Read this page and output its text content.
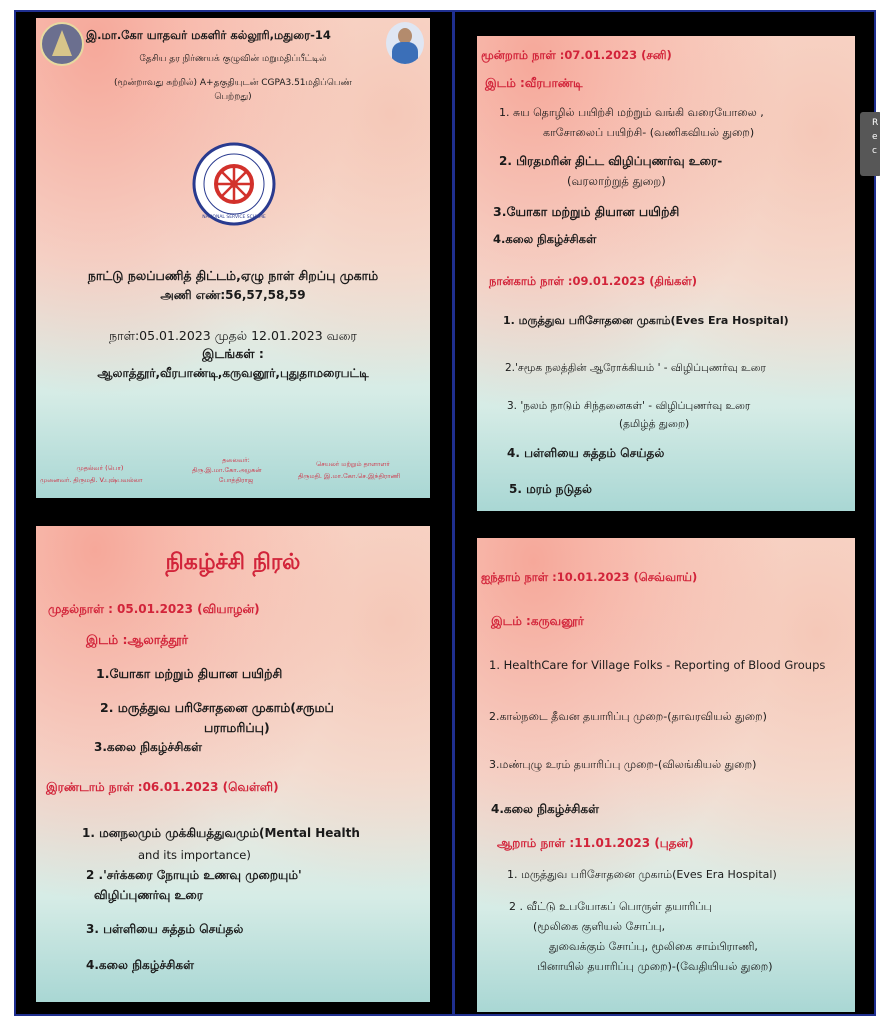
இ.மா.கோ யாதவர் மகளிர் கல்லூரி,மதுரை-14
தேசிய தர நிர்ணயக் குழுவின் மறுமதிப்பீட்டில்
(மூன்றாவது சுற்றில்) A+தகுதியுடன் CGPA3.51மதிப்பெண்
பெற்றது)
NATIONAL SERVICE SCHEME
நாட்டு நலப்பணித் திட்டம்,ஏழு நாள் சிறப்பு முகாம்
அணி எண்:56,57,58,59
நாள்:05.01.2023 முதல் 12.01.2023 வரை
இடங்கள் :
ஆலாத்தூர்,வீரபாண்டி,கருவனூர்,புதுதாமரைபட்டி
முதல்வர் (பொ)
முனைவர். திருமதி. V.புஷ்பவல்லா
தலைவர்:
திரு.இ.மா.கோ.அழகன்
போத்திராஜ
செயலர் மற்றும் தாளாளர்
திருமதி. இ.மா.கோ.செ.இந்திராணி
நிகழ்ச்சி நிரல்
முதல்நாள் : 05.01.2023 (வியாழன்)
இடம் :ஆலாத்தூர்
1.யோகா மற்றும் தியான பயிற்சி
2. மருத்துவ பரிசோதனை முகாம்(சருமப்
பராமரிப்பு)
3.கலை நிகழ்ச்சிகள்
இரண்டாம் நாள் :06.01.2023 (வெள்ளி)
1. மனநலமும் முக்கியத்துவமும்(Mental Health
and its importance)
2 .'சர்க்கரை நோயும் உணவு முறையும்'
விழிப்புணர்வு உரை
3. பள்ளியை சுத்தம் செய்தல்
4.கலை நிகழ்ச்சிகள்
மூன்றாம் நாள் :07.01.2023 (சனி)
இடம் :வீரபாண்டி
1. சுய தொழில் பயிற்சி மற்றும் வங்கி வரையோலை ,
காசோலைப் பயிற்சி- (வணிகவியல் துறை)
2. பிரதமரின் திட்ட விழிப்புணர்வு உரை-
(வரலாற்றுத் துறை)
3.யோகா மற்றும் தியான பயிற்சி
4.கலை நிகழ்ச்சிகள்
நான்காம் நாள் :09.01.2023 (திங்கள்)
1. மருத்துவ பரிசோதனை முகாம்(Eves Era Hospital)
2.'சமூக நலத்தின் ஆரோக்கியம் ' - விழிப்புணர்வு உரை
3. 'நலம் நாடும் சிந்தனைகள்' - விழிப்புணர்வு உரை
(தமிழ்த் துறை)
4. பள்ளியை சுத்தம் செய்தல்
5. மரம் நடுதல்
ஐந்தாம் நாள் :10.01.2023 (செவ்வாய்)
இடம் :கருவனூர்
1. HealthCare for Village Folks - Reporting of Blood Groups
2.கால்நடை தீவன தயாரிப்பு முறை-(தாவரவியல் துறை)
3.மண்புழு உரம் தயாரிப்பு முறை-(விலங்கியல் துறை)
4.கலை நிகழ்ச்சிகள்
ஆறாம் நாள் :11.01.2023 (புதன்)
1. மருத்துவ பரிசோதனை முகாம்(Eves Era Hospital)
2 . வீட்டு உபயோகப் பொருள் தயாரிப்பு
(மூலிகை குளியல் சோப்பு,
துவைக்கும் சோப்பு, மூலிகை சாம்பிராணி,
பினாயில் தயாரிப்பு முறை)-(வேதியியல் துறை)
R
e
c
